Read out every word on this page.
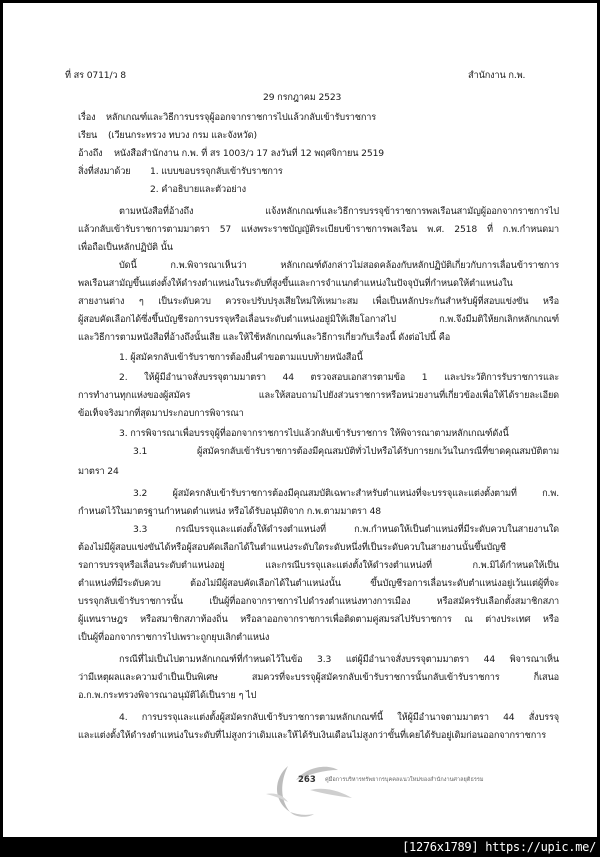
ที่ สร 0711/ว 8	สำนักงาน ก.พ.
29 กรกฎาคม 2523
เรื่อง หลักเกณฑ์และวิธีการบรรจุผู้ออกจากราชการไปแล้วกลับเข้ารับราชการ
เรียน (เวียนกระทรวง ทบวง กรม และจังหวัด)
อ้างถึง หนังสือสำนักงาน ก.พ. ที่ สร 1003/ว 17 ลงวันที่ 12 พฤศจิกายน 2519
สิ่งที่ส่งมาด้วย 1. แบบขอบรรจุกลับเข้ารับราชการ
2. คำอธิบายและตัวอย่าง
ตามหนังสือที่อ้างถึง แจ้งหลักเกณฑ์และวิธีการบรรจุข้าราชการพลเรือนสามัญผู้ออกจากราชการไป
แล้วกลับเข้ารับราชการตามมาตรา 57 แห่งพระราชบัญญัติระเบียบข้าราชการพลเรือน พ.ศ. 2518 ที่ ก.พ.กำหนดมา
เพื่อถือเป็นหลักปฏิบัติ นั้น
บัดนี้ ก.พ.พิจารณาเห็นว่า หลักเกณฑ์ดังกล่าวไม่สอดคล้องกับหลักปฏิบัติเกี่ยวกับการเลื่อนข้าราชการ
พลเรือนสามัญขึ้นแต่งตั้งให้ดำรงตำแหน่งในระดับที่สูงขึ้นและการจำแนกตำแหน่งในปัจจุบันที่กำหนดให้ตำแหน่งใน
สายงานต่าง ๆ เป็นระดับควบ ควรจะปรับปรุงเสียใหม่ให้เหมาะสม เพื่อเป็นหลักประกันสำหรับผู้ที่สอบแข่งขัน หรือ
ผู้สอบคัดเลือกได้ซึ่งขึ้นบัญชีรอการบรรจุหรือเลื่อนระดับตำแหน่งอยู่มิให้เสียโอกาสไป ก.พ.จึงมีมติให้ยกเลิกหลักเกณฑ์
และวิธีการตามหนังสือที่อ้างถึงนั้นเสีย และให้ใช้หลักเกณฑ์และวิธีการเกี่ยวกับเรื่องนี้ ดังต่อไปนี้ คือ
1. ผู้สมัครกลับเข้ารับราชการต้องยื่นคำขอตามแบบท้ายหนังสือนี้
2. ให้ผู้มีอำนาจสั่งบรรจุตามมาตรา 44 ตรวจสอบเอกสารตามข้อ 1 และประวัติการรับราชการและ
การทำงานทุกแห่งของผู้สมัคร และให้สอบถามไปยังส่วนราชการหรือหน่วยงานที่เกี่ยวข้องเพื่อให้ได้รายละเอียด
ข้อเท็จจริงมากที่สุดมาประกอบการพิจารณา
3. การพิจารณาเพื่อบรรจุผู้ที่ออกจากราชการไปแล้วกลับเข้ารับราชการ ให้พิจารณาตามหลักเกณฑ์ดังนี้
3.1 ผู้สมัครกลับเข้ารับราชการต้องมีคุณสมบัติทั่วไปหรือได้รับการยกเว้นในกรณีที่ขาดคุณสมบัติตาม
มาตรา 24
3.2 ผู้สมัครกลับเข้ารับราชการต้องมีคุณสมบัติเฉพาะสำหรับตำแหน่งที่จะบรรจุและแต่งตั้งตามที่ ก.พ.
กำหนดไว้ในมาตรฐานกำหนดตำแหน่ง หรือได้รับอนุมัติจาก ก.พ.ตามมาตรา 48
3.3 กรณีบรรจุและแต่งตั้งให้ดำรงตำแหน่งที่ ก.พ.กำหนดให้เป็นตำแหน่งที่มีระดับควบในสายงานใด
ต้องไม่มีผู้สอบแข่งขันได้หรือผู้สอบคัดเลือกได้ในตำแหน่งระดับใดระดับหนึ่งที่เป็นระดับควบในสายงานนั้นขึ้นบัญชี
รอการบรรจุหรือเลื่อนระดับตำแหน่งอยู่ และกรณีบรรจุและแต่งตั้งให้ดำรงตำแหน่งที่ ก.พ.มิได้กำหนดให้เป็น
ตำแหน่งที่มีระดับควบ ต้องไม่มีผู้สอบคัดเลือกได้ในตำแหน่งนั้น ขึ้นบัญชีรอการเลื่อนระดับตำแหน่งอยู่เว้นแต่ผู้ที่จะ
บรรจุกลับเข้ารับราชการนั้น เป็นผู้ที่ออกจากราชการไปดำรงตำแหน่งทางการเมือง หรือสมัครรับเลือกตั้งสมาชิกสภา
ผู้แทนราษฎร หรือสมาชิกสภาท้องถิ่น หรือลาออกจากราชการเพื่อติดตามคู่สมรสไปรับราชการ ณ ต่างประเทศ หรือ
เป็นผู้ที่ออกจากราชการไปเพราะถูกยุบเลิกตำแหน่ง
กรณีที่ไม่เป็นไปตามหลักเกณฑ์ที่กำหนดไว้ในข้อ 3.3 แต่ผู้มีอำนาจสั่งบรรจุตามมาตรา 44 พิจารณาเห็น
ว่ามีเหตุผลและความจำเป็นเป็นพิเศษ สมควรที่จะบรรจุผู้สมัครกลับเข้ารับราชการนั้นกลับเข้ารับราชการ ก็เสนอ
อ.ก.พ.กระทรวงพิจารณาอนุมัติได้เป็นราย ๆ ไป
4. การบรรจุและแต่งตั้งผู้สมัครกลับเข้ารับราชการตามหลักเกณฑ์นี้ ให้ผู้มีอำนาจตามมาตรา 44 สั่งบรรจุ
และแต่งตั้งให้ดำรงตำแหน่งในระดับที่ไม่สูงกว่าเดิมและให้ได้รับเงินเดือนไม่สูงกว่าขั้นที่เคยได้รับอยู่เดิมก่อนออกจากราชการ
263 คู่มือการบริหารทรัพยากรบุคคลแนวใหม่ของสำนักงานศาลยุติธรรม
[1276x1789] https://upic.me/
